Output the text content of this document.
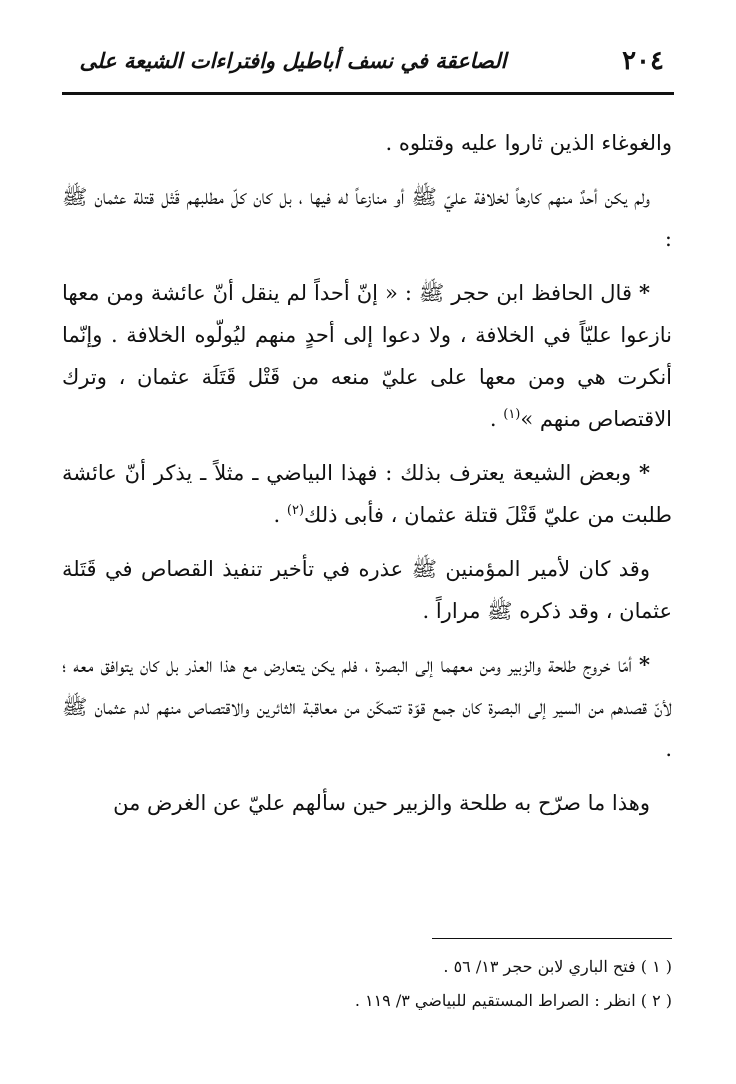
٢٠٤
الصاعقة في نسف أباطيل وافتراءات الشيعة على

والغوغاء الذين ثاروا عليه وقتلوه .

ولم يكن أحدٌ منهم كارهاً لخلافة عليّ ﷺ أو منازعاً له فيها ، بل كان كلّ مطلبهم قَتْل قتلة عثمان ﷺ :

* قال الحافظ ابن حجر ﷺ : « إنّ أحداً لم ينقل أنّ عائشة ومن معها نازعوا عليّاً في الخلافة ، ولا دعوا إلى أحدٍ منهم ليُولّوه الخلافة . وإنّما أنكرت هي ومن معها على عليّ منعه من قَتْل قَتَلَة عثمان ، وترك الاقتصاص منهم »$^{(١)}$ .

* وبعض الشيعة يعترف بذلك : فهذا البياضي ـ مثلاً ـ يذكر أنّ عائشة طلبت من عليّ قَتْلَ قتلة عثمان ، فأبى ذلك$^{(٢)}$ .

وقد كان لأمير المؤمنين ﷺ عذره في تأخير تنفيذ القصاص في قَتَلة عثمان ، وقد ذكره ﷺ مراراً .

* أمّا خروج طلحة والزبير ومن معهما إلى البصرة ، فلم يكن يتعارض مع هذا العذر بل كان يتوافق معه ؛ لأنّ قصدهم من السير إلى البصرة كان جمع قوّة تتمكّن من معاقبة الثائرين والاقتصاص منهم لدم عثمان ﷺ .

وهذا ما صرّح به طلحة والزبير حين سألهم عليّ عن الغرض من

( ١ ) فتح الباري لابن حجر ١٣/ ٥٦ .

( ٢ ) انظر : الصراط المستقيم للبياضي ٣/ ١١٩ .
